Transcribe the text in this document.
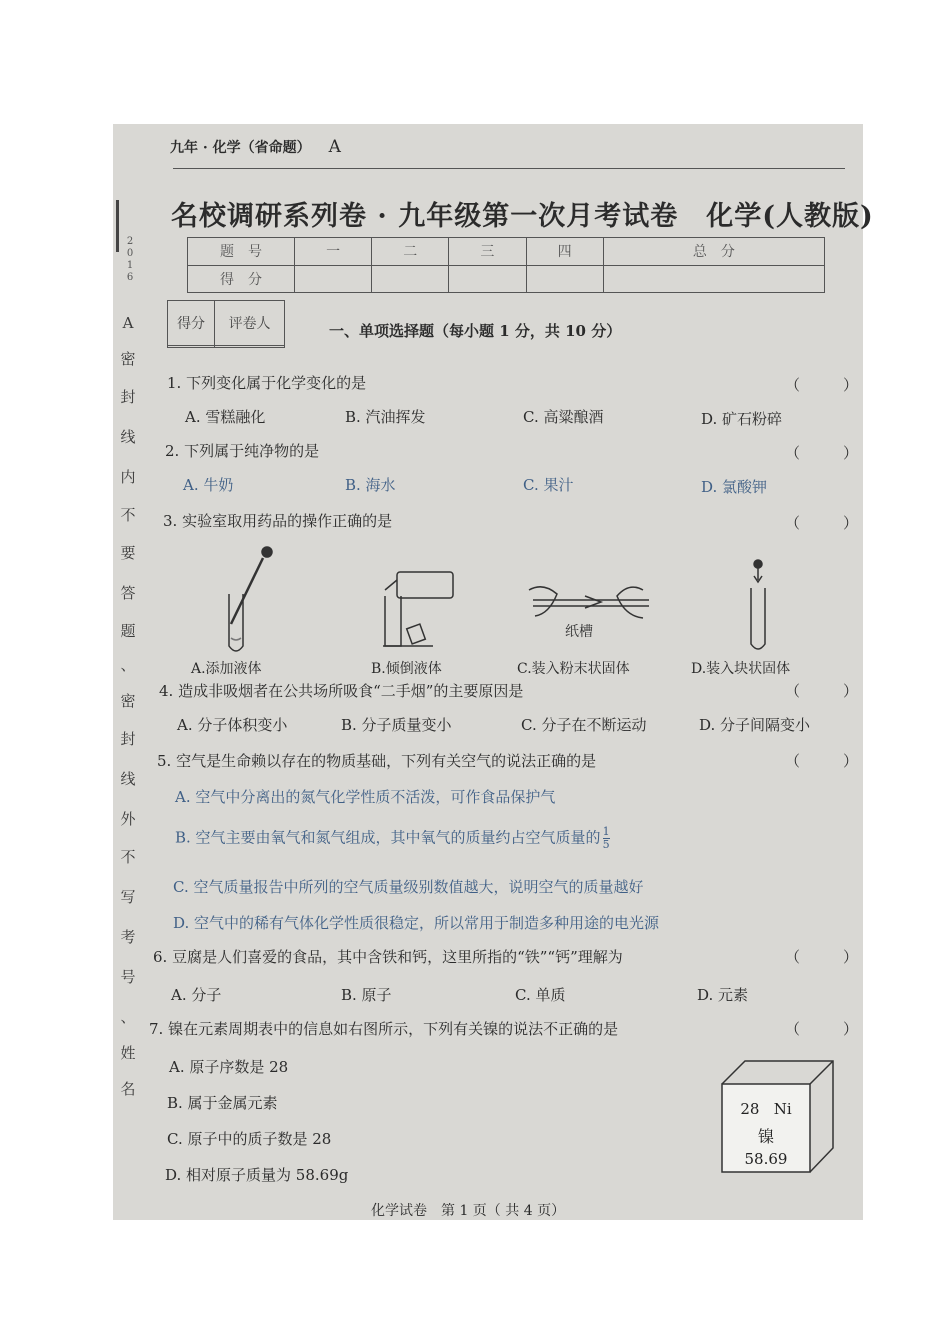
2
0
1
6
A
密
封
线
内
不
要
答
题
、
密
封
线
外
不
写
考
号
、
姓
名
九年 · 化学（省命题） A
名校调研系列卷 · 九年级第一次月考试卷　化学(人教版)
题　号	一	二	三	四	总　分
得　分					
得分	评卷人
		一、单项选择题（每小题 1 分，共 10 分）
1. 下列变化属于化学变化的是	（　）
A. 雪糕融化	B. 汽油挥发	C. 高粱酿酒	D. 矿石粉碎
2. 下列属于纯净物的是	（　）
A. 牛奶	B. 海水	C. 果汁	D. 氯酸钾
3. 实验室取用药品的操作正确的是	（　）
纸槽
A.添加液体	B.倾倒液体	C.装入粉末状固体	D.装入块状固体
4. 造成非吸烟者在公共场所吸食“二手烟”的主要原因是	（　）
A. 分子体积变小	B. 分子质量变小	C. 分子在不断运动	D. 分子间隔变小
5. 空气是生命赖以存在的物质基础，下列有关空气的说法正确的是	（　）
A. 空气中分离出的氮气化学性质不活泼，可作食品保护气
B. 空气主要由氧气和氮气组成，其中氧气的质量约占空气质量的 $\frac{1}{5}$
C. 空气质量报告中所列的空气质量级别数值越大，说明空气的质量越好
D. 空气中的稀有气体化学性质很稳定，所以常用于制造多种用途的电光源
6. 豆腐是人们喜爱的食品，其中含铁和钙，这里所指的“铁”“钙”理解为	（　）
A. 分子	B. 原子	C. 单质	D. 元素
7. 镍在元素周期表中的信息如右图所示，下列有关镍的说法不正确的是	（　）
A. 原子序数是 28
B. 属于金属元素
C. 原子中的质子数是 28
D. 相对原子质量为 58.69g
28 Ni
镍
58.69
化学试卷　第 1 页（ 共 4 页）
